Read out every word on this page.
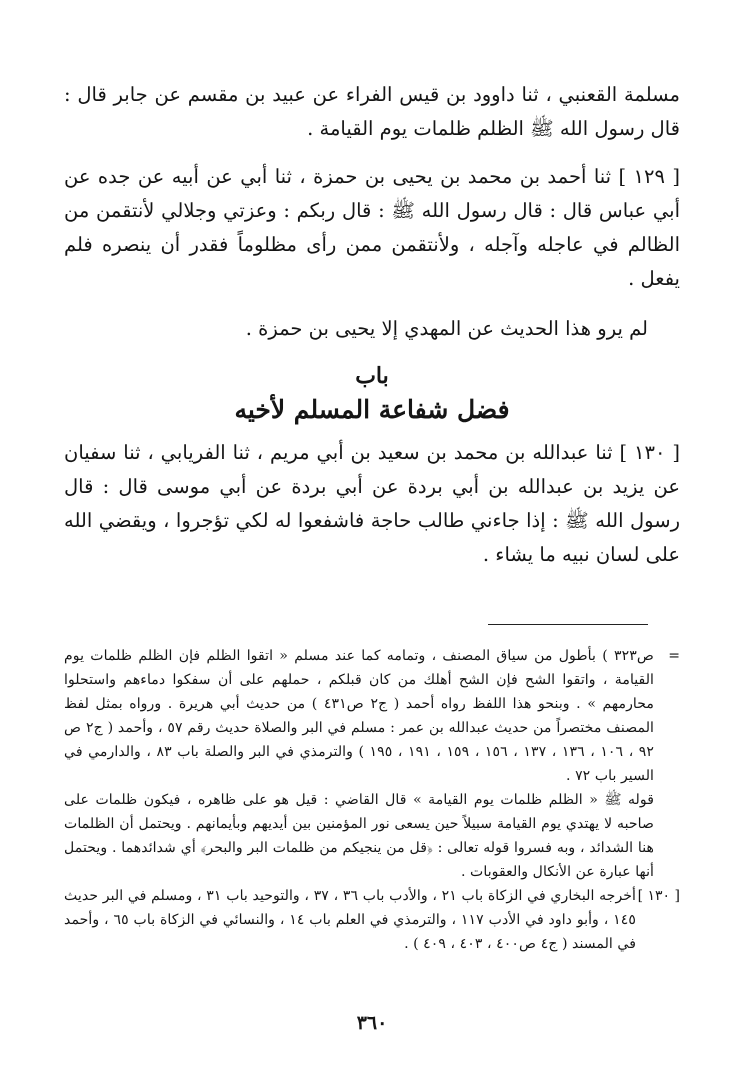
مسلمة القعنبي ، ثنا داوود بن قيس الفراء عن عبيد بن مقسم عن جابر قال : قال رسول الله ﷺ الظلم ظلمات يوم القيامة .

[ ١٢٩ ] ثنا أحمد بن محمد بن يحيى بن حمزة ، ثنا أبي عن أبيه عن جده عن أبي عباس قال : قال رسول الله ﷺ : قال ربكم : وعزتي وجلالي لأنتقمن من الظالم في عاجله وآجله ، ولأنتقمن ممن رأى مظلوماً فقدر أن ينصره فلم يفعل .

لم يرو هذا الحديث عن المهدي إلا يحيى بن حمزة .

باب
فضل شفاعة المسلم لأخيه

[ ١٣٠ ] ثنا عبدالله بن محمد بن سعيد بن أبي مريم ، ثنا الفريابي ، ثنا سفيان عن يزيد بن عبدالله بن أبي بردة عن أبي بردة عن أبي موسى قال : قال رسول الله ﷺ : إذا جاءني طالب حاجة فاشفعوا له لكي تؤجروا ، ويقضي الله على لسان نبيه ما يشاء .

=

ص٣٢٣ ) بأطول من سياق المصنف ، وتمامه كما عند مسلم « اتقوا الظلم فإن الظلم ظلمات يوم القيامة ، واتقوا الشح فإن الشح أهلك من كان قبلكم ، حملهم على أن سفكوا دماءهم واستحلوا محارمهم » . وبنحو هذا اللفظ رواه أحمد ( ج٢ ص٤٣١ ) من حديث أبي هريرة . ورواه بمثل لفظ المصنف مختصراً من حديث عبدالله بن عمر : مسلم في البر والصلاة حديث رقم ٥٧ ، وأحمد ( ج٢ ص ٩٢ ، ١٠٦ ، ١٣٦ ، ١٣٧ ، ١٥٦ ، ١٥٩ ، ١٩١ ، ١٩٥ ) والترمذي في البر والصلة باب ٨٣ ، والدارمي في السير باب ٧٢ .

قوله ﷺ « الظلم ظلمات يوم القيامة » قال القاضي : قيل هو على ظاهره ، فيكون ظلمات على صاحبه لا يهتدي يوم القيامة سبيلاً حين يسعى نور المؤمنين بين أيديهم وبأيمانهم . ويحتمل أن الظلمات هنا الشدائد ، وبه فسروا قوله تعالى : ﴿قل من ينجيكم من ظلمات البر والبحر﴾ أي شدائدهما . ويحتمل أنها عبارة عن الأنكال والعقوبات .

[ ١٣٠ ]

أخرجه البخاري في الزكاة باب ٢١ ، والأدب باب ٣٦ ، ٣٧ ، والتوحيد باب ٣١ ، ومسلم في البر حديث ١٤٥ ، وأبو داود في الأدب ١١٧ ، والترمذي في العلم باب ١٤ ، والنسائي في الزكاة باب ٦٥ ، وأحمد في المسند ( ج٤ ص٤٠٠ ، ٤٠٣ ، ٤٠٩ ) .

٣٦٠
